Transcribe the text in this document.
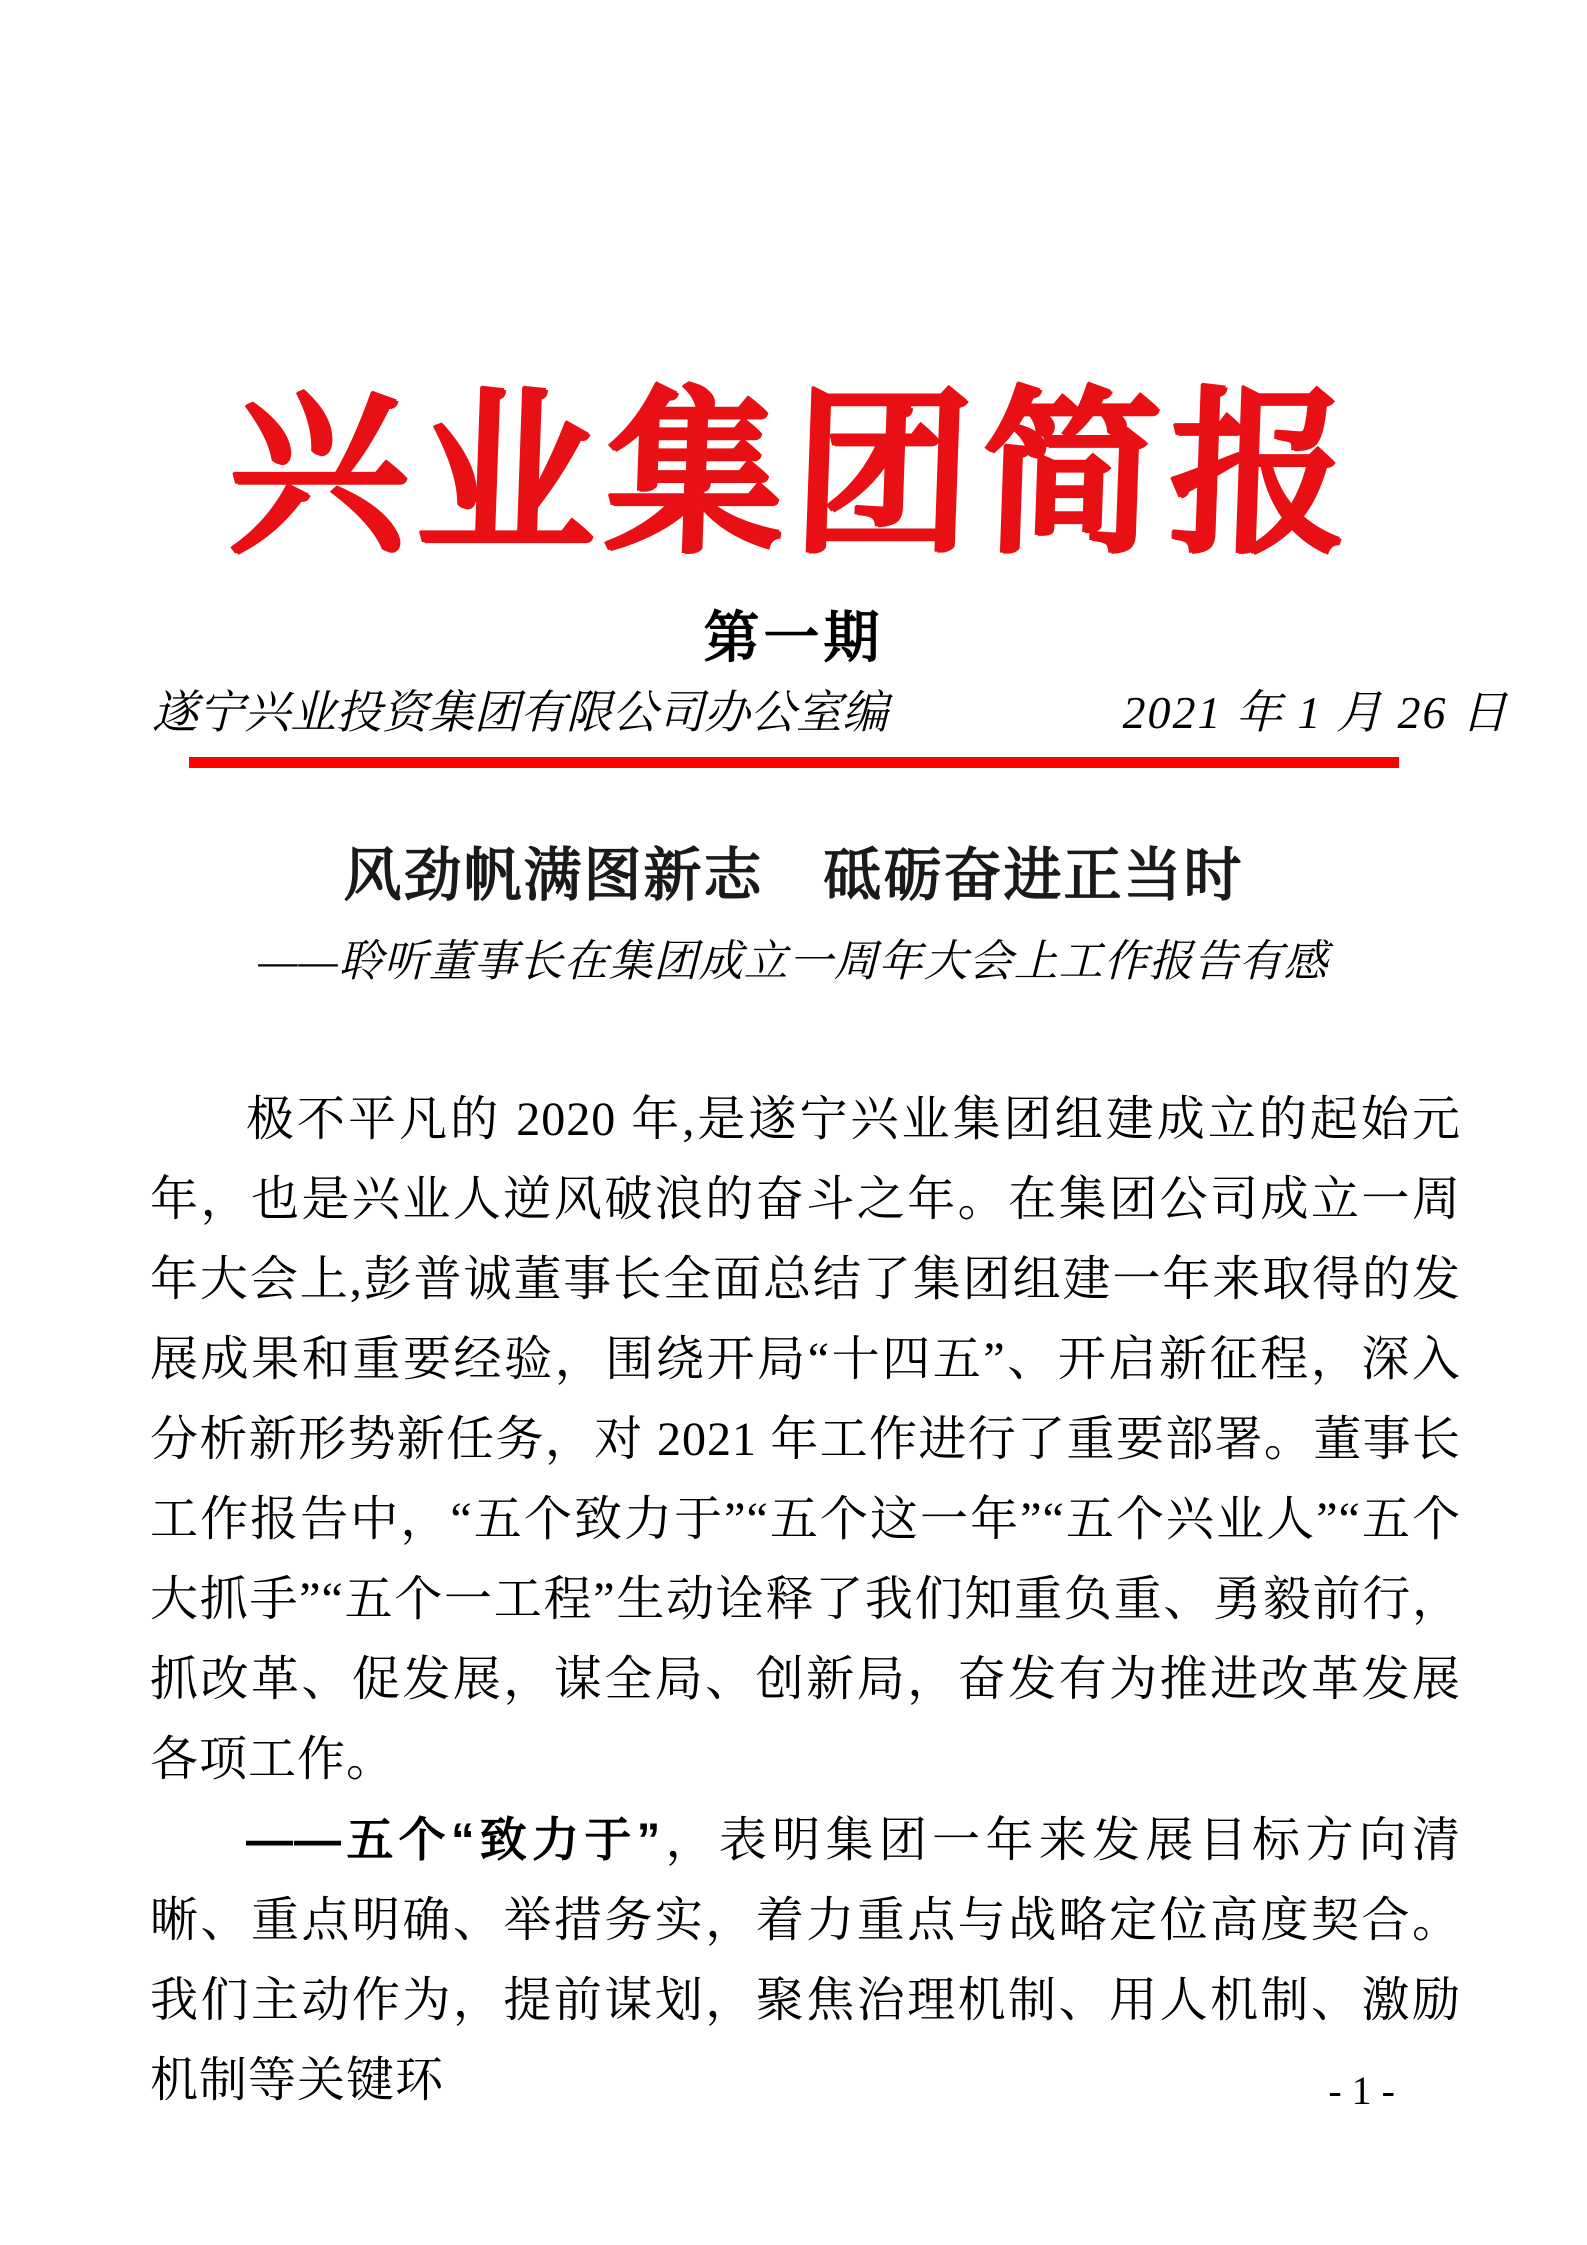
兴业集团简报
第一期
遂宁兴业投资集团有限公司办公室编	2021 年 1 月 26 日
风劲帆满图新志　砥砺奋进正当时
——聆听董事长在集团成立一周年大会上工作报告有感

极不平凡的 2020 年,是遂宁兴业集团组建成立的起始元年，也是兴业人逆风破浪的奋斗之年。在集团公司成立一周年大会上,彭普诚董事长全面总结了集团组建一年来取得的发展成果和重要经验，围绕开局“十四五”、开启新征程，深入分析新形势新任务，对 2021 年工作进行了重要部署。董事长工作报告中，“五个致力于”“五个这一年”“五个兴业人”“五个大抓手”“五个一工程”生动诠释了我们知重负重、勇毅前行，抓改革、促发展，谋全局、创新局，奋发有为推进改革发展各项工作。

——五个“致力于”，表明集团一年来发展目标方向清晰、重点明确、举措务实，着力重点与战略定位高度契合。我们主动作为，提前谋划，聚焦治理机制、用人机制、激励机制等关键环	- 1 -
